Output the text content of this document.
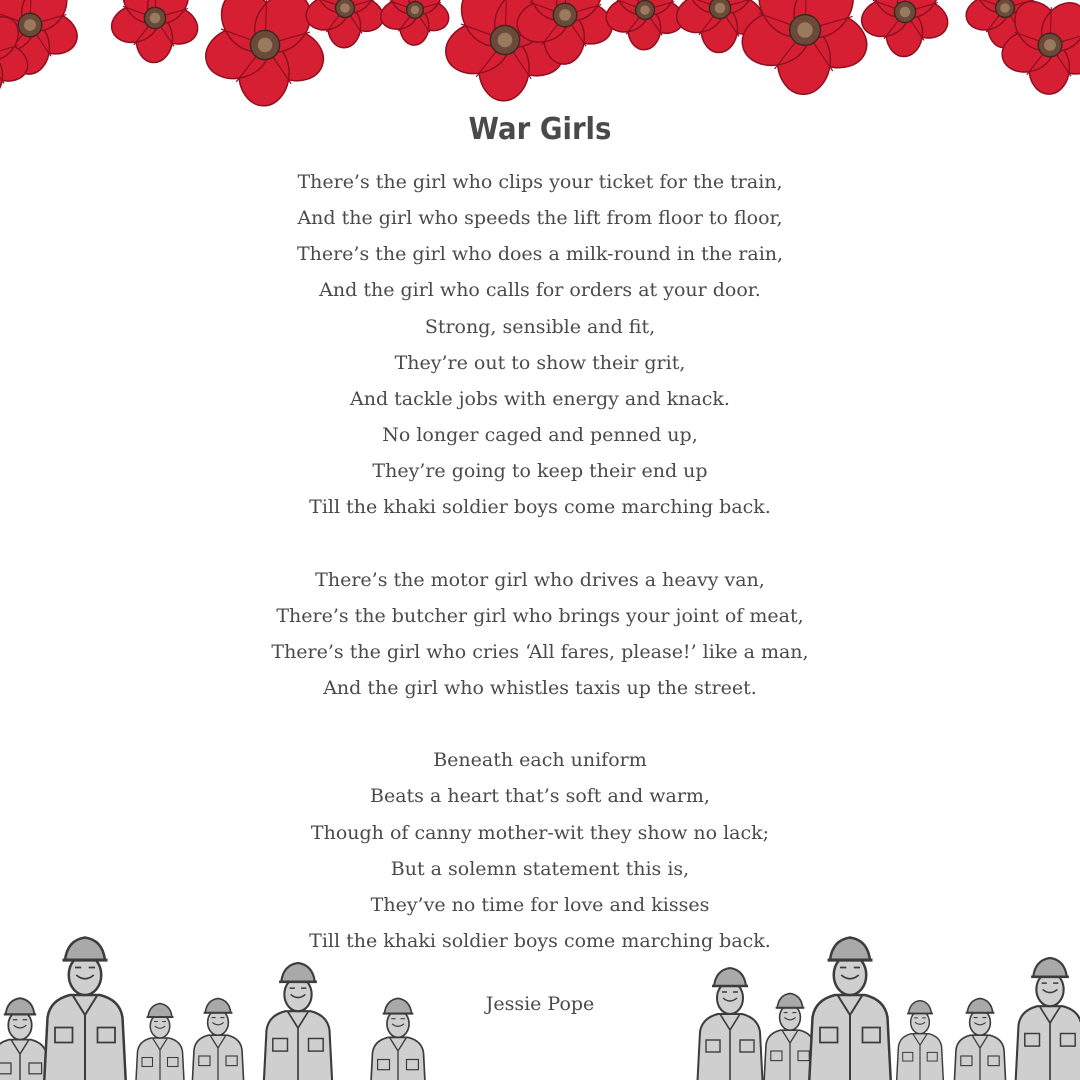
War Girls
There’s the girl who clips your ticket for the train,
And the girl who speeds the lift from floor to floor,
There’s the girl who does a milk-round in the rain,
And the girl who calls for orders at your door.
Strong, sensible and fit,
They’re out to show their grit,
And tackle jobs with energy and knack.
No longer caged and penned up,
They’re going to keep their end up
Till the khaki soldier boys come marching back.
There’s the motor girl who drives a heavy van,
There’s the butcher girl who brings your joint of meat,
There’s the girl who cries ‘All fares, please!’ like a man,
And the girl who whistles taxis up the street.
Beneath each uniform
Beats a heart that’s soft and warm,
Though of canny mother-wit they show no lack;
But a solemn statement this is,
They’ve no time for love and kisses
Till the khaki soldier boys come marching back.
Jessie Pope
